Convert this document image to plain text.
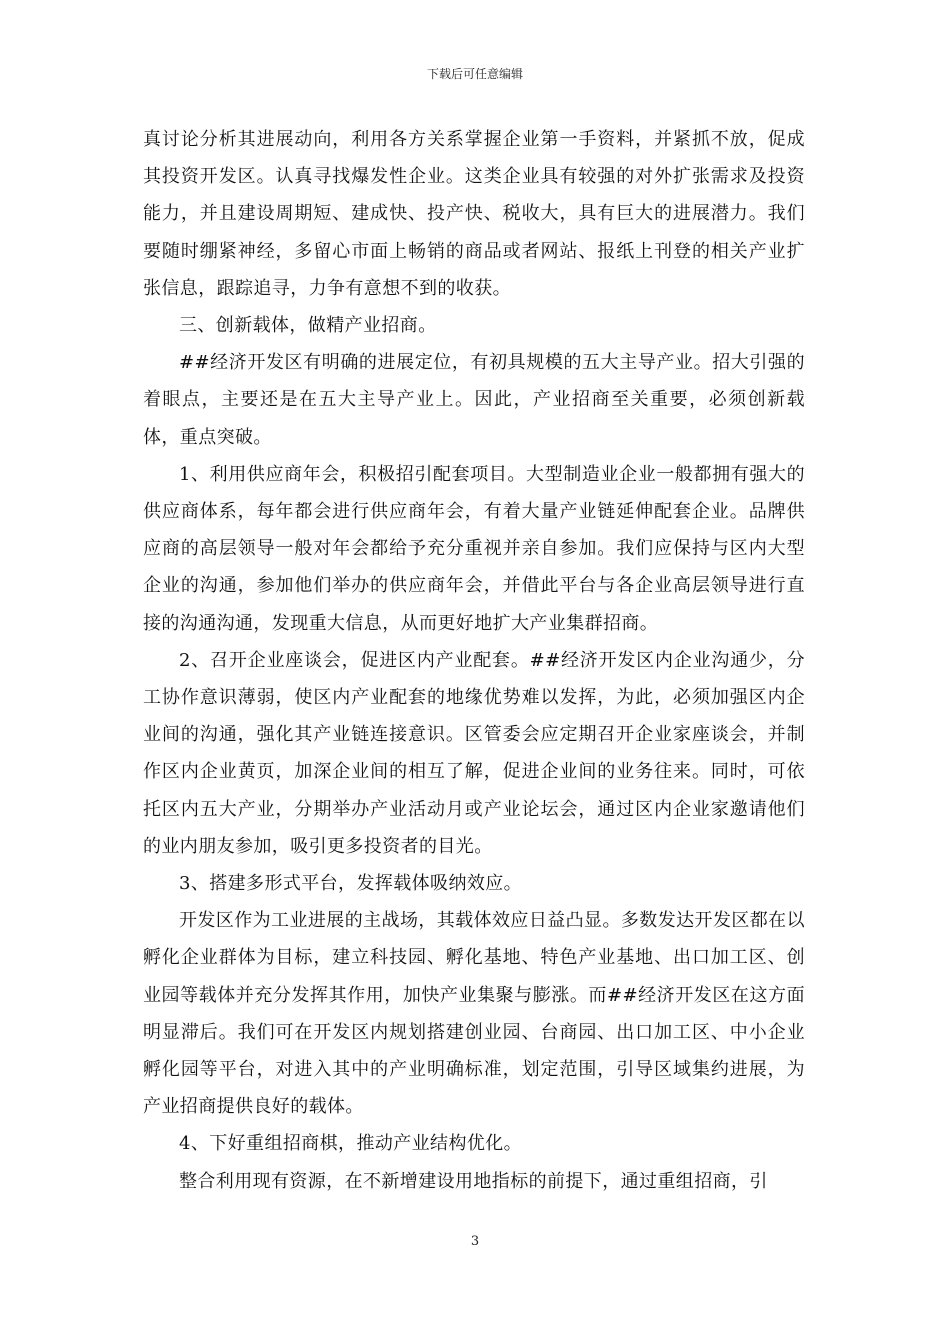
下载后可任意编辑

真讨论分析其进展动向，利用各方关系掌握企业第一手资料，并紧抓不放，促成其投资开发区。认真寻找爆发性企业。这类企业具有较强的对外扩张需求及投资能力，并且建设周期短、建成快、投产快、税收大，具有巨大的进展潜力。我们要随时绷紧神经，多留心市面上畅销的商品或者网站、报纸上刊登的相关产业扩张信息，跟踪追寻，力争有意想不到的收获。

三、创新载体，做精产业招商。

##经济开发区有明确的进展定位，有初具规模的五大主导产业。招大引强的着眼点，主要还是在五大主导产业上。因此，产业招商至关重要，必须创新载体，重点突破。

1、利用供应商年会，积极招引配套项目。大型制造业企业一般都拥有强大的供应商体系，每年都会进行供应商年会，有着大量产业链延伸配套企业。品牌供应商的高层领导一般对年会都给予充分重视并亲自参加。我们应保持与区内大型企业的沟通，参加他们举办的供应商年会，并借此平台与各企业高层领导进行直接的沟通沟通，发现重大信息，从而更好地扩大产业集群招商。

2、召开企业座谈会，促进区内产业配套。##经济开发区内企业沟通少，分工协作意识薄弱，使区内产业配套的地缘优势难以发挥，为此，必须加强区内企业间的沟通，强化其产业链连接意识。区管委会应定期召开企业家座谈会，并制作区内企业黄页，加深企业间的相互了解，促进企业间的业务往来。同时，可依托区内五大产业，分期举办产业活动月或产业论坛会，通过区内企业家邀请他们的业内朋友参加，吸引更多投资者的目光。

3、搭建多形式平台，发挥载体吸纳效应。

开发区作为工业进展的主战场，其载体效应日益凸显。多数发达开发区都在以孵化企业群体为目标，建立科技园、孵化基地、特色产业基地、出口加工区、创业园等载体并充分发挥其作用，加快产业集聚与膨涨。而##经济开发区在这方面明显滞后。我们可在开发区内规划搭建创业园、台商园、出口加工区、中小企业孵化园等平台，对进入其中的产业明确标准，划定范围，引导区域集约进展，为产业招商提供良好的载体。

4、下好重组招商棋，推动产业结构优化。

整合利用现有资源，在不新增建设用地指标的前提下，通过重组招商，引

3
